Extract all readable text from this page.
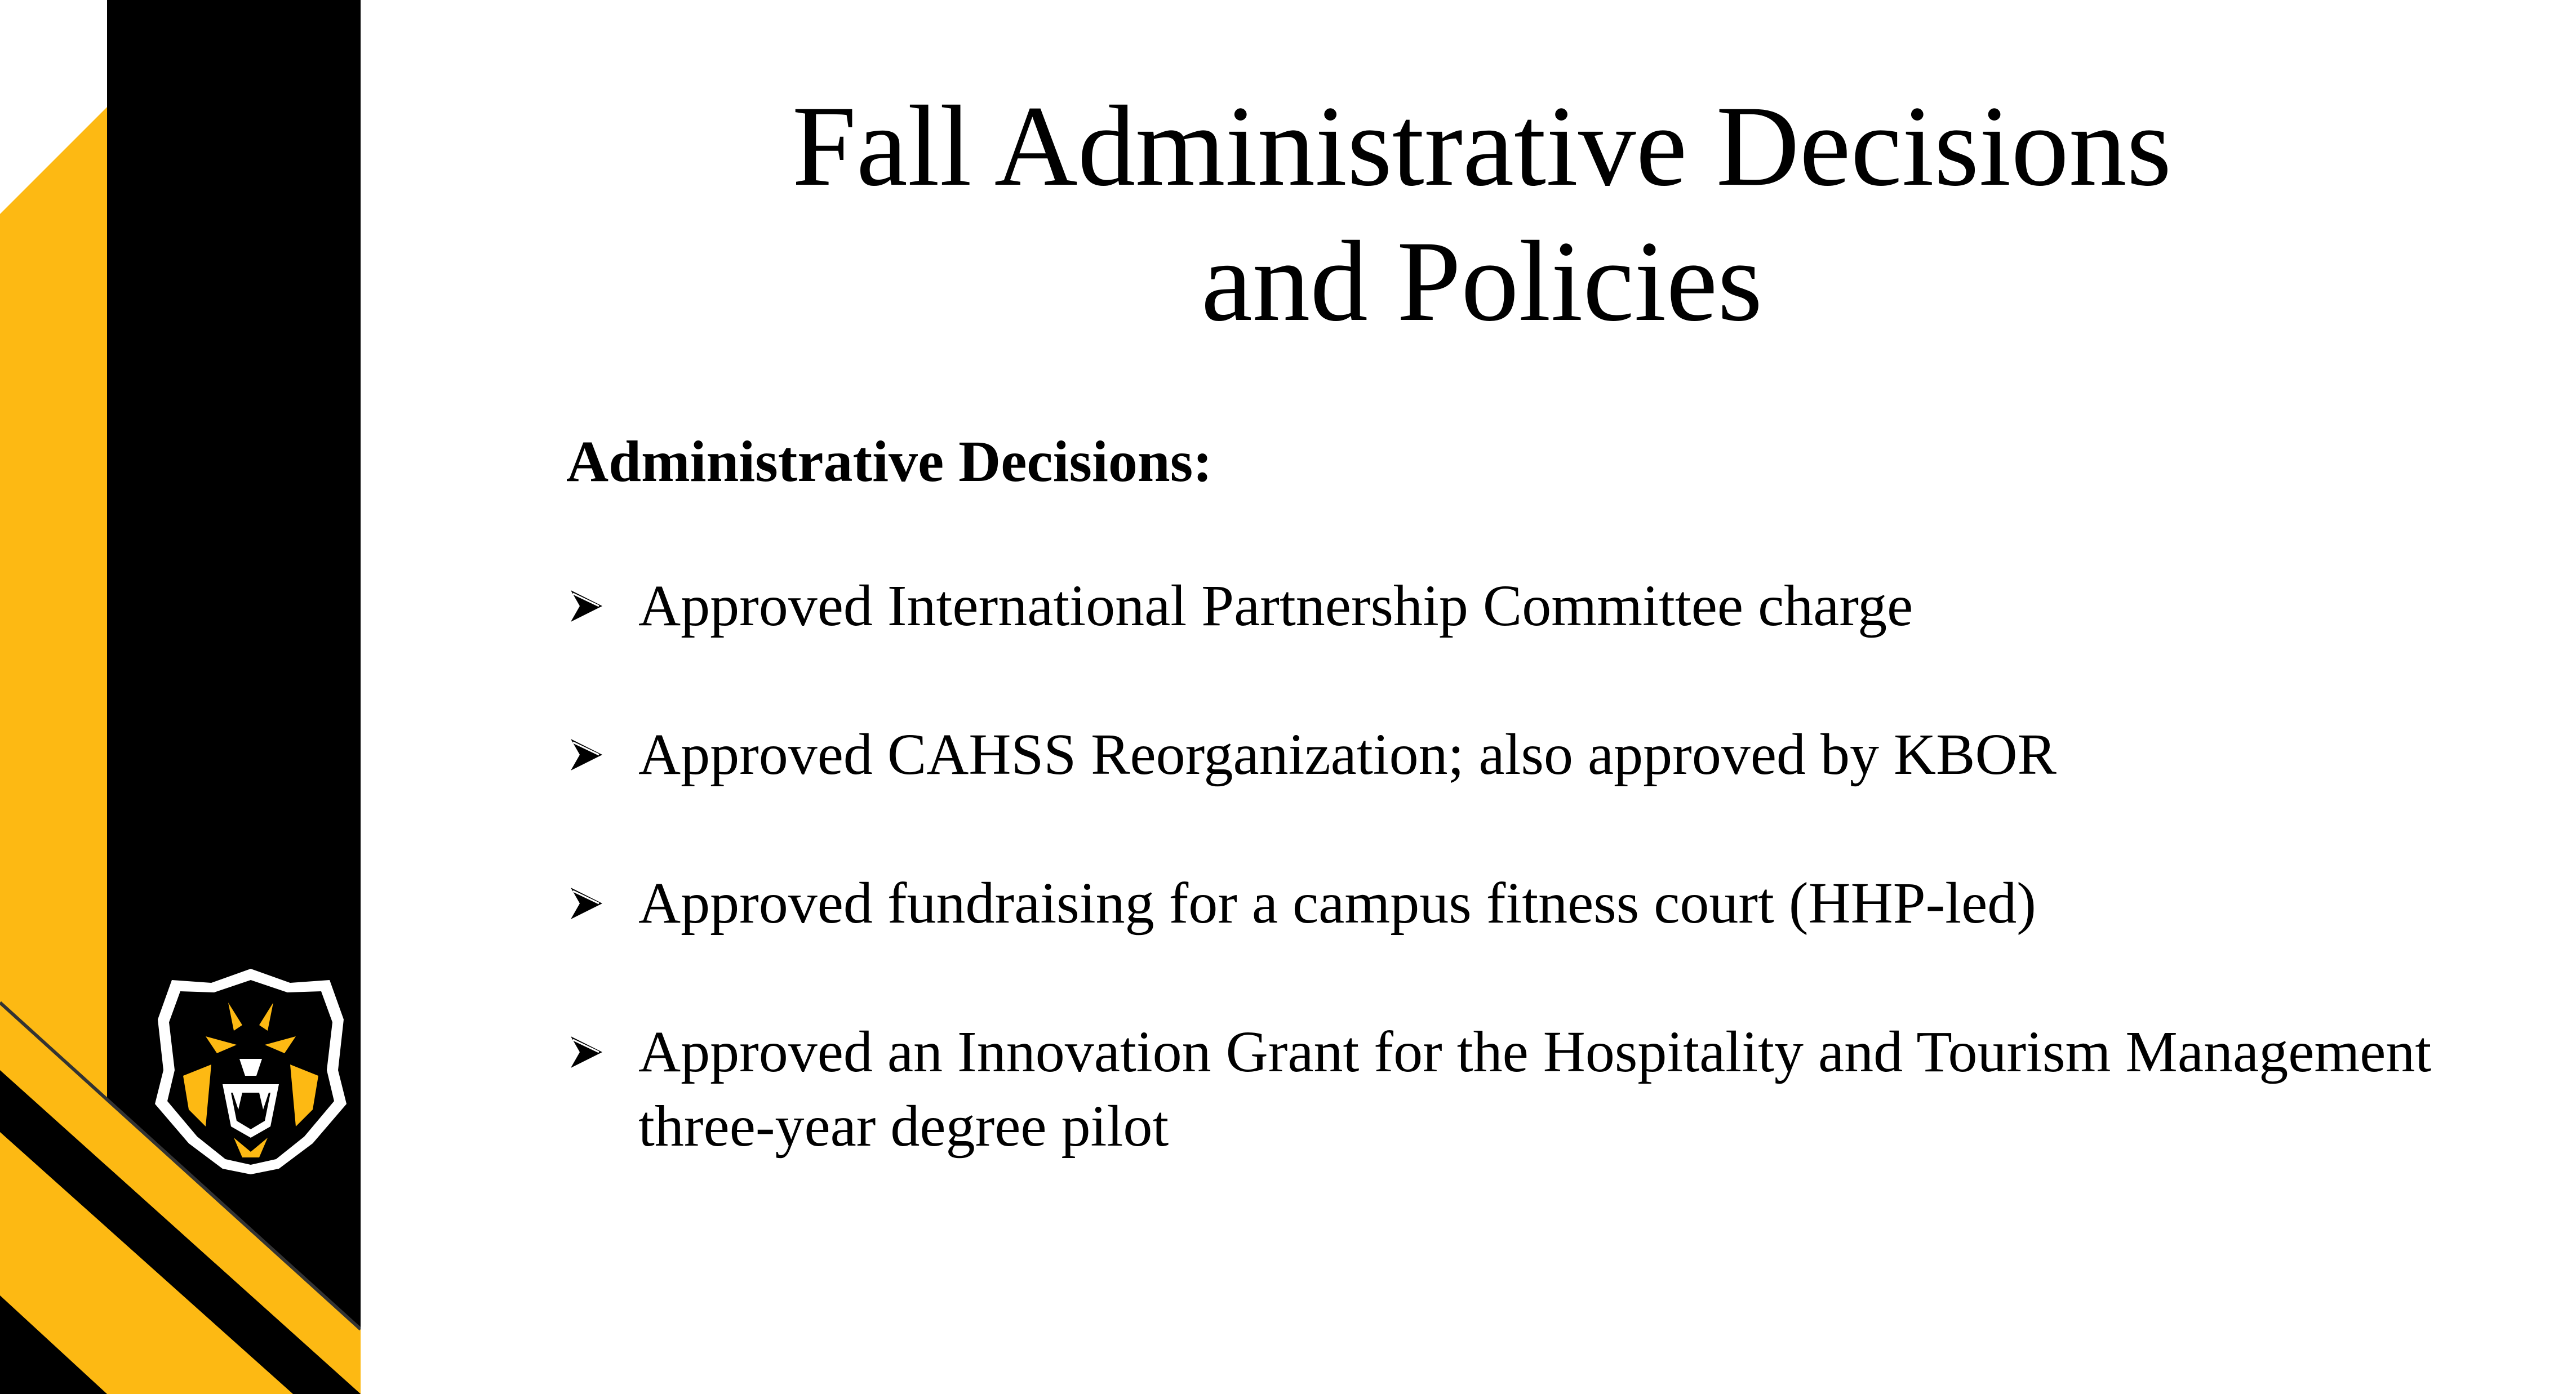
Fall Administrative Decisions
and Policies

Administrative Decisions:

Approved International Partnership Committee charge
Approved CAHSS Reorganization; also approved by KBOR
Approved fundraising for a campus fitness court (HHP-led)
Approved an Innovation Grant for the Hospitality and Tourism Management three-year degree pilot
